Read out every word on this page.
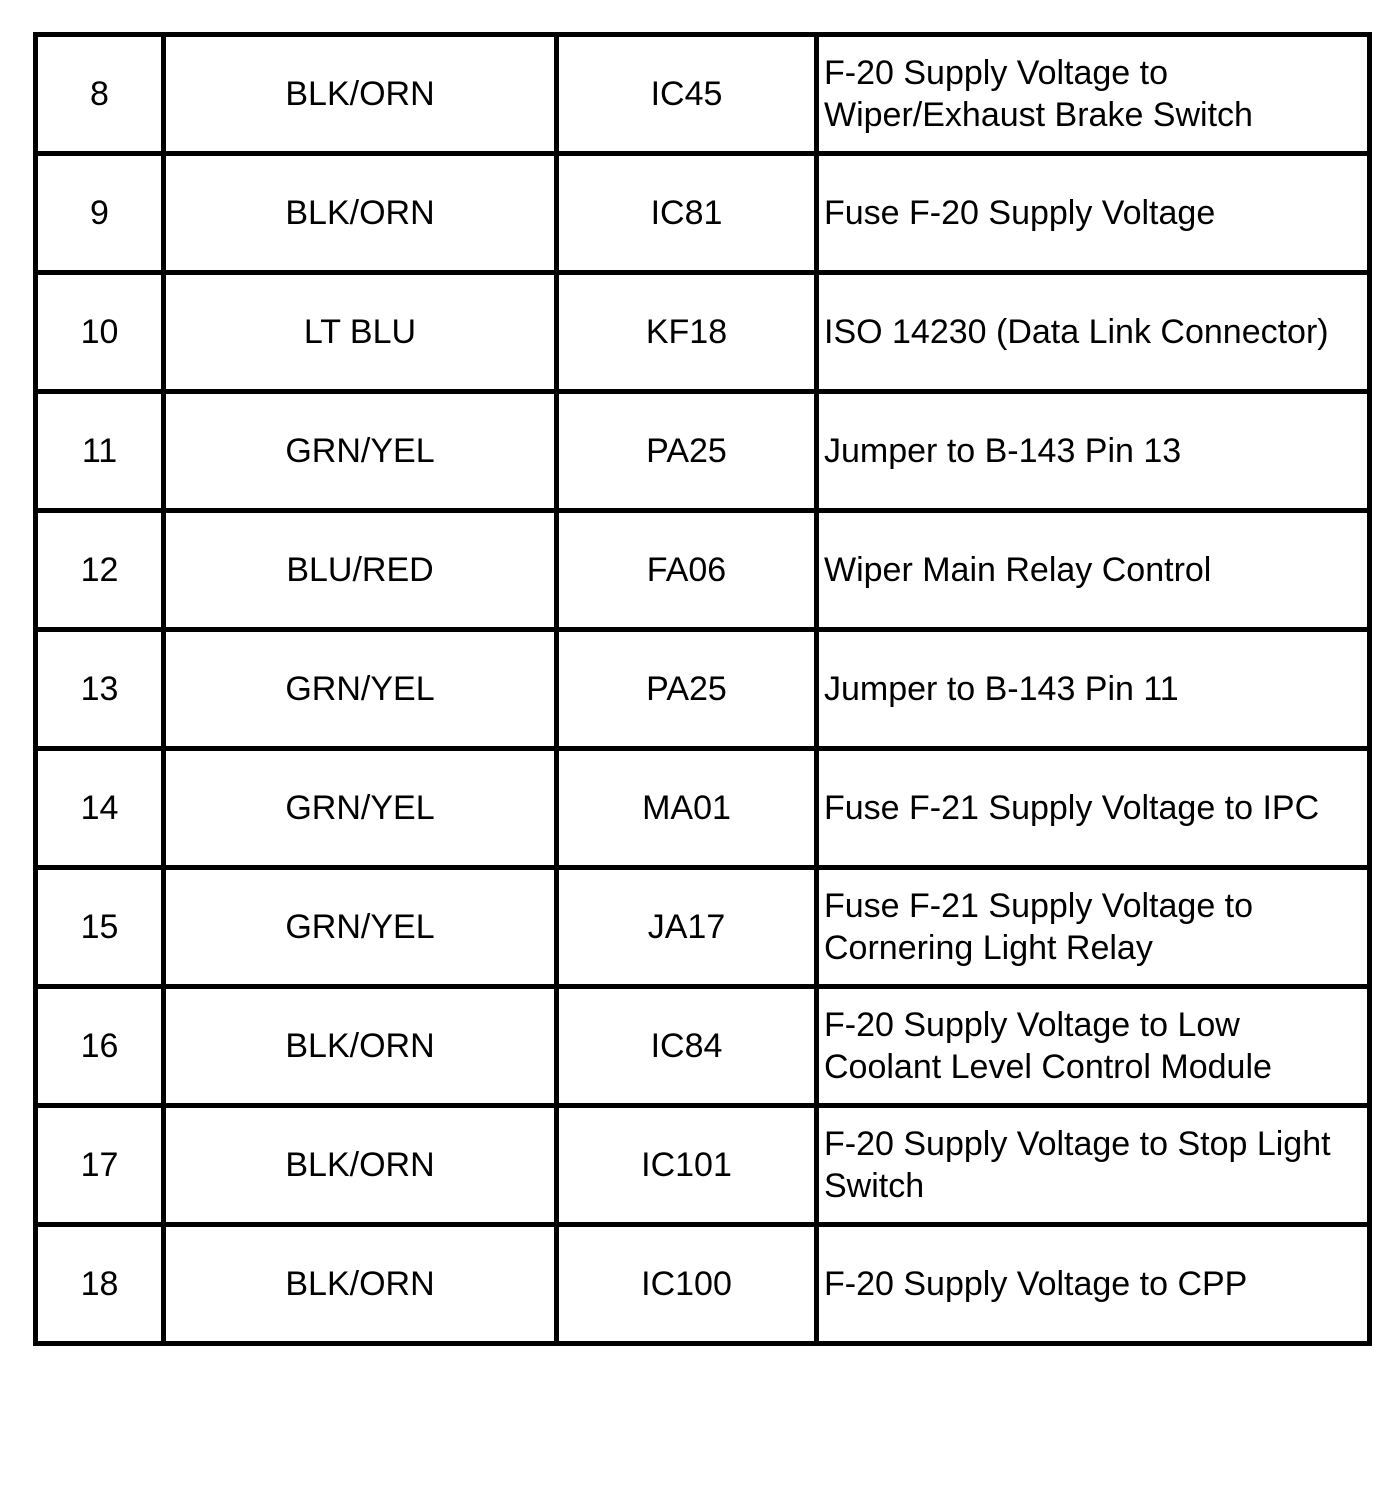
8	BLK/ORN	IC45	F-20 Supply Voltage to Wiper/Exhaust Brake Switch
9	BLK/ORN	IC81	Fuse F-20 Supply Voltage
10	LT BLU	KF18	ISO 14230 (Data Link Connector)
11	GRN/YEL	PA25	Jumper to B-143 Pin 13
12	BLU/RED	FA06	Wiper Main Relay Control
13	GRN/YEL	PA25	Jumper to B-143 Pin 11
14	GRN/YEL	MA01	Fuse F-21 Supply Voltage to IPC
15	GRN/YEL	JA17	Fuse F-21 Supply Voltage to Cornering Light Relay
16	BLK/ORN	IC84	F-20 Supply Voltage to Low Coolant Level Control Module
17	BLK/ORN	IC101	F-20 Supply Voltage to Stop Light Switch
18	BLK/ORN	IC100	F-20 Supply Voltage to CPP
